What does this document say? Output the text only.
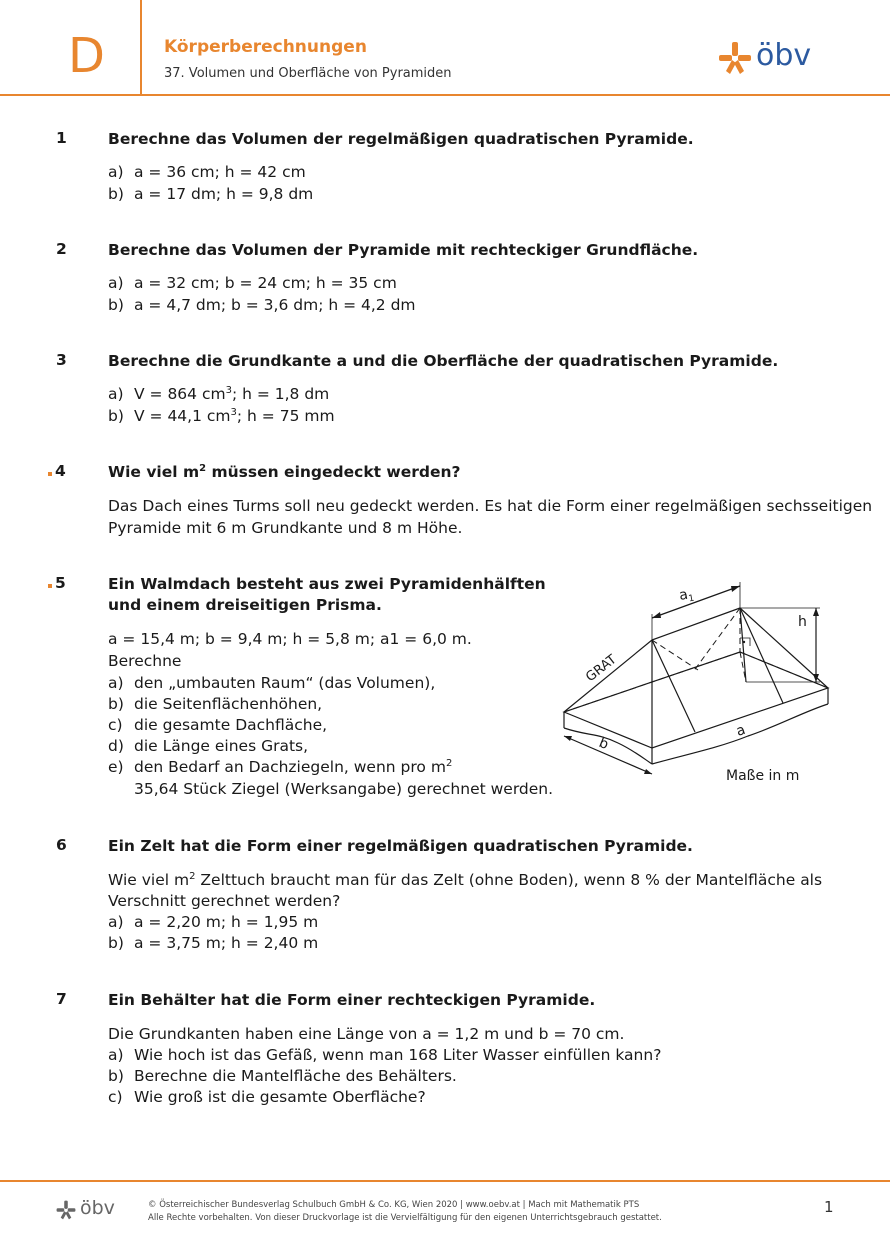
D	Körperberechnungen
37. Volumen und Oberfläche von Pyramiden
öbv
1	Berechne das Volumen der regelmäßigen quadratischen Pyramide.
a) a = 36 cm; h = 42 cm
b) a = 17 dm; h = 9,8 dm
2	Berechne das Volumen der Pyramide mit rechteckiger Grundfläche.
a) a = 32 cm; b = 24 cm; h = 35 cm
b) a = 4,7 dm; b = 3,6 dm; h = 4,2 dm
3	Berechne die Grundkante a und die Oberfläche der quadratischen Pyramide.
a) V = 864 $cm^3$; h = 1,8 dm
b) V = 44,1 $cm^3$; h = 75 mm
4	Wie viel $m^2$ müssen eingedeckt werden?
Das Dach eines Turms soll neu gedeckt werden. Es hat die Form einer regelmäßigen sechsseitigen
Pyramide mit 6 m Grundkante und 8 m Höhe.
5	Ein Walmdach besteht aus zwei Pyramidenhälften
und einem dreiseitigen Prisma.
a = 15,4 m; b = 9,4 m; h = 5,8 m; a1 = 6,0 m.
Berechne
a) den „umbauten Raum“ (das Volumen),
b) die Seitenflächenhöhen,
c) die gesamte Dachfläche,
d) die Länge eines Grats,
e) den Bedarf an Dachziegeln, wenn pro $m^2$
35,64 Stück Ziegel (Werksangabe) gerechnet werden.
$a_1$
h
GRAT
a
b
Maße in m
6	Ein Zelt hat die Form einer regelmäßigen quadratischen Pyramide.
Wie viel $m^2$ Zelttuch braucht man für das Zelt (ohne Boden), wenn 8 % der Mantelfläche als
Verschnitt gerechnet werden?
a) a = 2,20 m; h = 1,95 m
b) a = 3,75 m; h = 2,40 m
7	Ein Behälter hat die Form einer rechteckigen Pyramide.
Die Grundkanten haben eine Länge von a = 1,2 m und b = 70 cm.
a) Wie hoch ist das Gefäß, wenn man 168 Liter Wasser einfüllen kann?
b) Berechne die Mantelfläche des Behälters.
c) Wie groß ist die gesamte Oberfläche?
öbv	© Österreichischer Bundesverlag Schulbuch GmbH & Co. KG, Wien 2020 | www.oebv.at | Mach mit Mathematik PTS
Alle Rechte vorbehalten. Von dieser Druckvorlage ist die Vervielfältigung für den eigenen Unterrichtsgebrauch gestattet.
1
